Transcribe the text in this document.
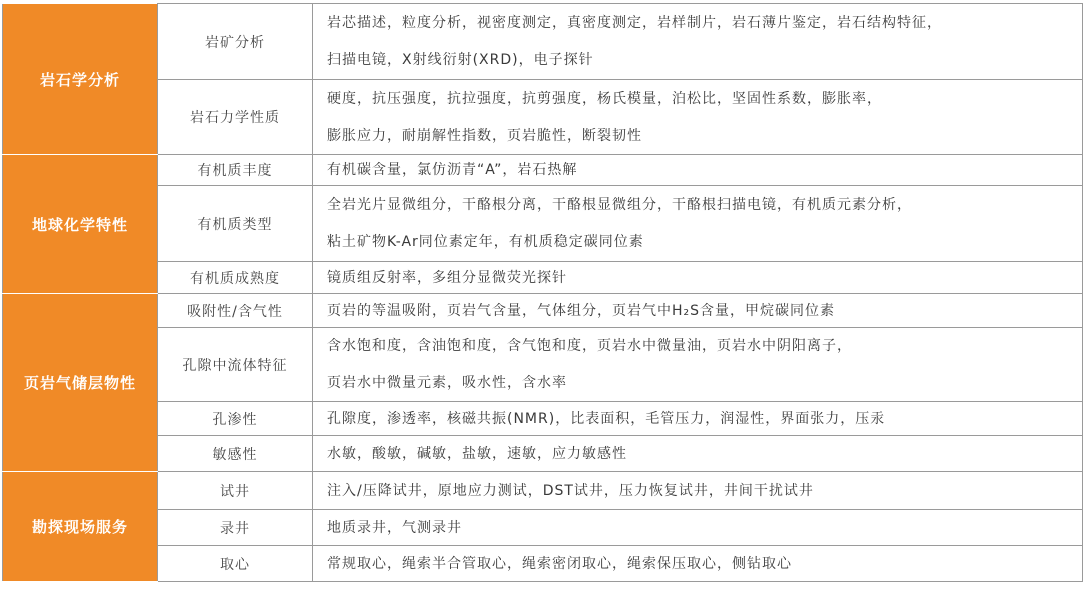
岩石学分析	岩矿分析	岩芯描述，粒度分析，视密度测定，真密度测定，岩样制片，岩石薄片鉴定，岩石结构特征，
扫描电镜，X射线衍射(XRD)，电子探针

	岩石力学性质	硬度，抗压强度，抗拉强度，抗剪强度，杨氏模量，泊松比，坚固性系数，膨胀率，
膨胀应力，耐崩解性指数，页岩脆性，断裂韧性

地球化学特性	有机质丰度	有机碳含量，氯仿沥青“A”，岩石热解

	有机质类型	全岩光片显微组分，干酪根分离，干酪根显微组分，干酪根扫描电镜，有机质元素分析，
粘土矿物K-Ar同位素定年，有机质稳定碳同位素

	有机质成熟度	镜质组反射率，多组分显微荧光探针

页岩气储层物性	吸附性/含气性	页岩的等温吸附，页岩气含量，气体组分，页岩气中H₂S含量，甲烷碳同位素

	孔隙中流体特征	含水饱和度，含油饱和度，含气饱和度，页岩水中微量油，页岩水中阴阳离子，
页岩水中微量元素，吸水性，含水率

	孔渗性	孔隙度，渗透率，核磁共振(NMR)，比表面积，毛管压力，润湿性，界面张力，压汞

	敏感性	水敏，酸敏，碱敏，盐敏，速敏，应力敏感性

勘探现场服务	试井	注入/压降试井，原地应力测试，DST试井，压力恢复试井，井间干扰试井

	录井	地质录井，气测录井

	取心	常规取心，绳索半合管取心，绳索密闭取心，绳索保压取心，侧钻取心
